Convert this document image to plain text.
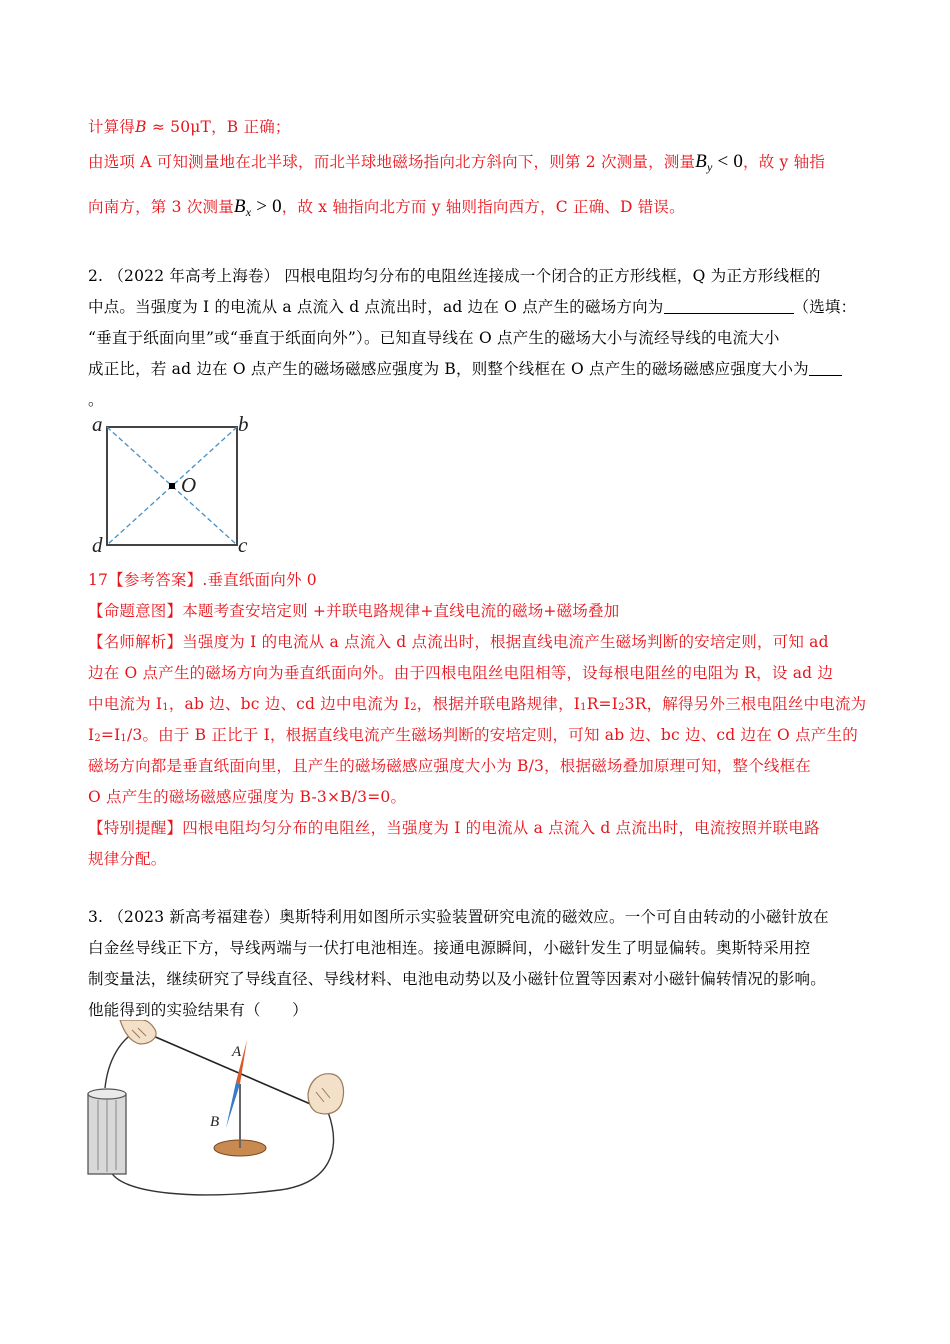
计算得B ≈ 50μT，B 正确；
由选项 A 可知测量地在北半球，而北半球地磁场指向北方斜向下，则第 2 次测量，测量$B_y < 0$，故 y 轴指
向南方，第 3 次测量$B_x > 0$，故 x 轴指向北方而 y 轴则指向西方，C 正确、D 错误。
2. （2022 年高考上海卷） 四根电阻均匀分布的电阻丝连接成一个闭合的正方形线框，Q 为正方形线框的
中点。当强度为 I 的电流从 a 点流入 d 点流出时，ad 边在 O 点产生的磁场方向为	（选填：
“垂直于纸面向里”或“垂直于纸面向外”）。已知直导线在 O 点产生的磁场大小与流经导线的电流大小
成正比，若 ad 边在 O 点产生的磁场磁感应强度为 B，则整个线框在 O 点产生的磁场磁感应强度大小为
。
a	b
c
d
O
17【参考答案】.垂直纸面向外 0
【命题意图】本题考查安培定则 +并联电路规律+直线电流的磁场+磁场叠加
【名师解析】当强度为 I 的电流从 a 点流入 d 点流出时，根据直线电流产生磁场判断的安培定则，可知 ad
边在 O 点产生的磁场方向为垂直纸面向外。由于四根电阻丝电阻相等，设每根电阻丝的电阻为 R，设 ad 边
中电流为 $I_1$，ab 边、bc 边、cd 边中电流为 $I_2$，根据并联电路规律，$I_1R=I_23R$，解得另外三根电阻丝中电流为
$I_2=I_1/3$。由于 B 正比于 I，根据直线电流产生磁场判断的安培定则，可知 ab 边、bc 边、cd 边在 O 点产生的
磁场方向都是垂直纸面向里，且产生的磁场磁感应强度大小为 B/3，根据磁场叠加原理可知，整个线框在
O 点产生的磁场磁感应强度为 B-3×B/3=0。
【特别提醒】四根电阻均匀分布的电阻丝，当强度为 I 的电流从 a 点流入 d 点流出时，电流按照并联电路
规律分配。
3. （2023 新高考福建卷）奥斯特利用如图所示实验装置研究电流的磁效应。一个可自由转动的小磁针放在
白金丝导线正下方，导线两端与一伏打电池相连。接通电源瞬间，小磁针发生了明显偏转。奥斯特采用控
制变量法，继续研究了导线直径、导线材料、电池电动势以及小磁针位置等因素对小磁针偏转情况的影响。
他能得到的实验结果有（　　）
A
B
